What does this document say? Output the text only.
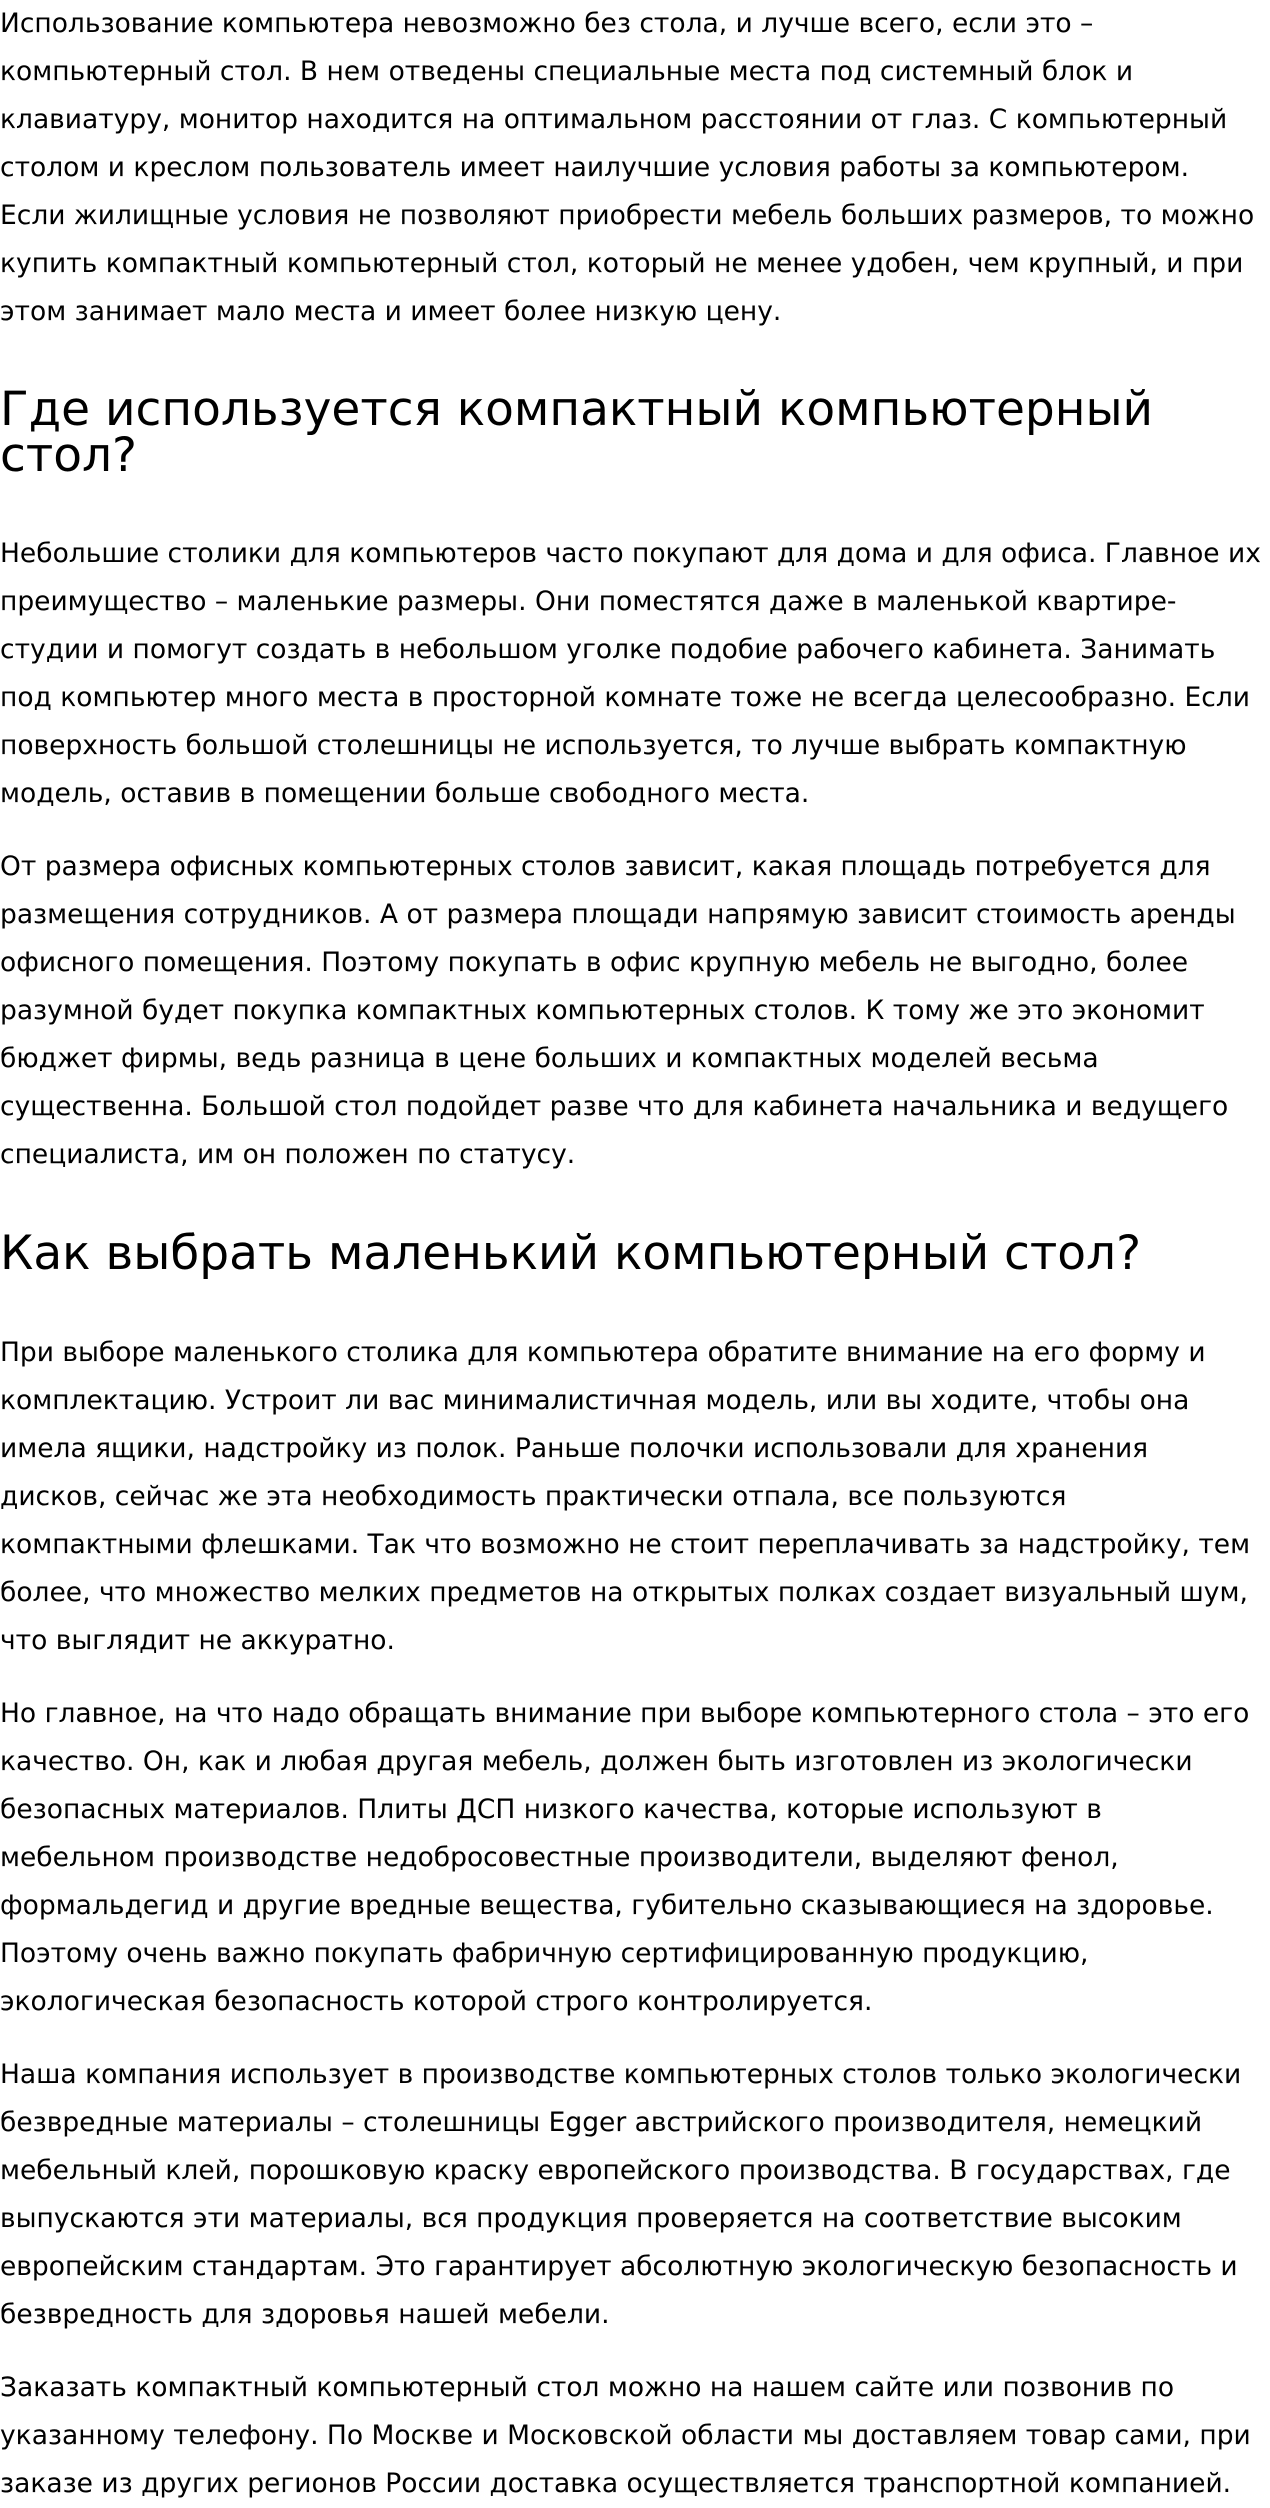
Использование компьютера невозможно без стола, и лучше всего, если это – компьютерный стол. В нем отведены специальные места под системный блок и клавиатуру, монитор находится на оптимальном расстоянии от глаз. С компьютерный столом и креслом пользователь имеет наилучшие условия работы за компьютером. Если жилищные условия не позволяют приобрести мебель больших размеров, то можно купить компактный компьютерный стол, который не менее удобен, чем крупный, и при этом занимает мало места и имеет более низкую цену.

Где используется компактный компьютерный стол?

Небольшие столики для компьютеров часто покупают для дома и для офиса. Главное их преимущество – маленькие размеры. Они поместятся даже в маленькой квартире-студии и помогут создать в небольшом уголке подобие рабочего кабинета. Занимать под компьютер много места в просторной комнате тоже не всегда целесообразно. Если поверхность большой столешницы не используется, то лучше выбрать компактную модель, оставив в помещении больше свободного места.

От размера офисных компьютерных столов зависит, какая площадь потребуется для размещения сотрудников. А от размера площади напрямую зависит стоимость аренды офисного помещения. Поэтому покупать в офис крупную мебель не выгодно, более разумной будет покупка компактных компьютерных столов. К тому же это экономит бюджет фирмы, ведь разница в цене больших и компактных моделей весьма существенна. Большой стол подойдет разве что для кабинета начальника и ведущего специалиста, им он положен по статусу.

Как выбрать маленький компьютерный стол?

При выборе маленького столика для компьютера обратите внимание на его форму и комплектацию. Устроит ли вас минималистичная модель, или вы ходите, чтобы она имела ящики, надстройку из полок. Раньше полочки использовали для хранения дисков, сейчас же эта необходимость практически отпала, все пользуются компактными флешками. Так что возможно не стоит переплачивать за надстройку, тем более, что множество мелких предметов на открытых полках создает визуальный шум, что выглядит не аккуратно.

Но главное, на что надо обращать внимание при выборе компьютерного стола – это его качество. Он, как и любая другая мебель, должен быть изготовлен из экологически безопасных материалов. Плиты ДСП низкого качества, которые используют в мебельном производстве недобросовестные производители, выделяют фенол, формальдегид и другие вредные вещества, губительно сказывающиеся на здоровье. Поэтому очень важно покупать фабричную сертифицированную продукцию, экологическая безопасность которой строго контролируется.

Наша компания использует в производстве компьютерных столов только экологически безвредные материалы – столешницы Egger австрийского производителя, немецкий мебельный клей, порошковую краску европейского производства. В государствах, где выпускаются эти материалы, вся продукция проверяется на соответствие высоким европейским стандартам. Это гарантирует абсолютную экологическую безопасность и безвредность для здоровья нашей мебели.

Заказать компактный компьютерный стол можно на нашем сайте или позвонив по указанному телефону. По Москве и Московской области мы доставляем товар сами, при заказе из других регионов России доставка осуществляется транспортной компанией.
